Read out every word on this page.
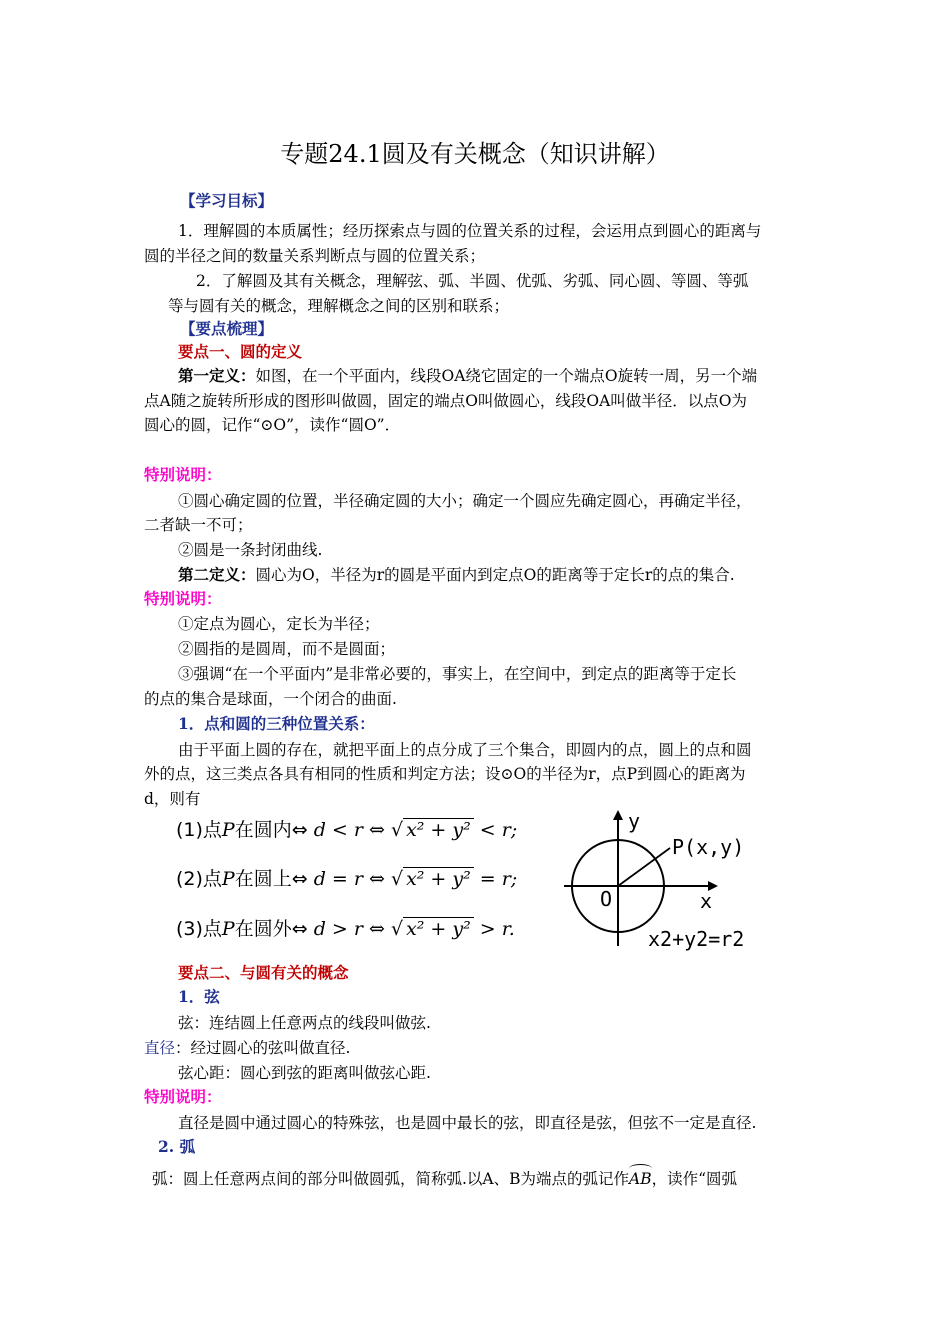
专题24.1圆及有关概念（知识讲解）
【学习目标】
1．理解圆的本质属性；经历探索点与圆的位置关系的过程，会运用点到圆心的距离与
圆的半径之间的数量关系判断点与圆的位置关系；
2．了解圆及其有关概念，理解弦、弧、半圆、优弧、劣弧、同心圆、等圆、等弧
等与圆有关的概念，理解概念之间的区别和联系；
【要点梳理】
要点一、圆的定义
第一定义：如图，在一个平面内，线段OA绕它固定的一个端点O旋转一周，另一个端
点A随之旋转所形成的图形叫做圆，固定的端点O叫做圆心，线段OA叫做半径．以点O为
圆心的圆，记作“⊙O”，读作“圆O”．
特别说明：
①圆心确定圆的位置，半径确定圆的大小；确定一个圆应先确定圆心，再确定半径，
二者缺一不可；
②圆是一条封闭曲线.
第二定义：圆心为O，半径为r的圆是平面内到定点O的距离等于定长r的点的集合.
特别说明：
①定点为圆心，定长为半径；
②圆指的是圆周，而不是圆面；
③强调“在一个平面内”是非常必要的，事实上，在空间中，到定点的距离等于定长
的点的集合是球面，一个闭合的曲面.
1．点和圆的三种位置关系：
由于平面上圆的存在，就把平面上的点分成了三个集合，即圆内的点，圆上的点和圆
外的点，这三类点各具有相同的性质和判定方法；设⊙O的半径为r，点P到圆心的距离为
d，则有
(1)点P在圆内⇔ d < r ⇔ √ x² + y² < r;
(2)点P在圆上⇔ d = r ⇔ √ x² + y² = r;
(3)点P在圆外⇔ d > r ⇔ √ x² + y² > r.
y
x
O
P(x,y)
x2+y2=r2
要点二、与圆有关的概念
1．弦
弦：连结圆上任意两点的线段叫做弦.
直径：经过圆心的弦叫做直径.
弦心距：圆心到弦的距离叫做弦心距.
特别说明：
直径是圆中通过圆心的特殊弦，也是圆中最长的弦，即直径是弦，但弦不一定是直径.
2. 弧
弧：圆上任意两点间的部分叫做圆弧，简称弧.以A、B为端点的弧记作AB，读作“圆弧
